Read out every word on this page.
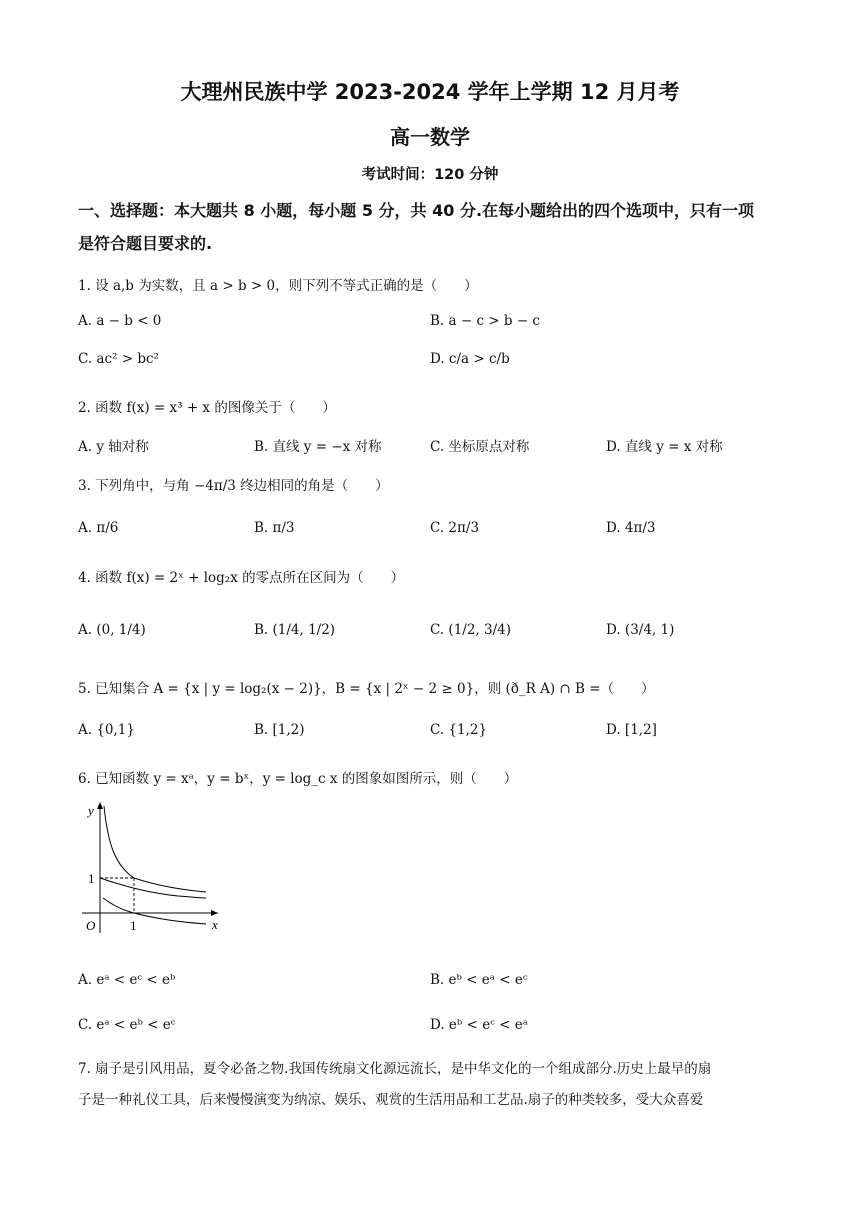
大理州民族中学 2023-2024 学年上学期 12 月月考
高一数学
考试时间：120 分钟
一、选择题：本大题共 8 小题，每小题 5 分，共 40 分.在每小题给出的四个选项中，只有一项
是符合题目要求的.
1. 设 a,b 为实数，且 a > b > 0，则下列不等式正确的是（　　）
A. a − b < 0	B. a − c > b − c
C. ac² > bc²	D. c/a > c/b
2. 函数 f(x) = x³ + x 的图像关于（　　）
A. y 轴对称	B. 直线 y = −x 对称	C. 坐标原点对称	D. 直线 y = x 对称
3. 下列角中，与角 −4π/3 终边相同的角是（　　）
A. π/6	B. π/3	C. 2π/3	D. 4π/3
4. 函数 f(x) = 2ˣ + log₂x 的零点所在区间为（　　）
A. (0, 1/4)	B. (1/4, 1/2)	C. (1/2, 3/4)	D. (3/4, 1)
5. 已知集合 A = {x | y = log₂(x − 2)}，B = {x | 2ˣ − 2 ≥ 0}，则 (ð_R A) ∩ B =（　　）
A. {0,1}	B. [1,2)	C. {1,2}	D. [1,2]
6. 已知函数 y = xᵃ，y = bˣ，y = log_c x 的图象如图所示，则（　　）
y
x
O
1
1
A. eᵃ < eᶜ < eᵇ	B. eᵇ < eᵃ < eᶜ
C. eᵃ < eᵇ < eᶜ	D. eᵇ < eᶜ < eᵃ
7. 扇子是引风用品，夏令必备之物.我国传统扇文化源远流长，是中华文化的一个组成部分.历史上最早的扇
子是一种礼仪工具，后来慢慢演变为纳凉、娱乐、观赏的生活用品和工艺品.扇子的种类较多，受大众喜爱
